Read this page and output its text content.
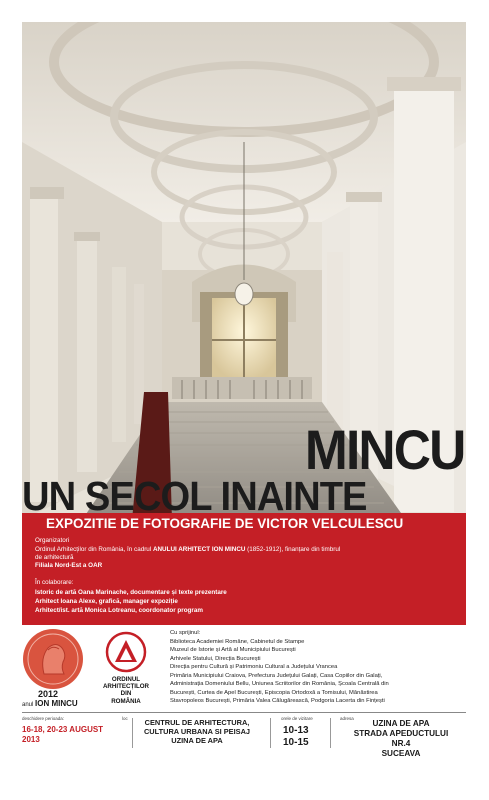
MINCU
EXPOZITIE DE FOTOGRAFIE DE VICTOR VELCULESCU
Organizatori
Ordinul Arhitecților din România, în cadrul ANULUI ARHITECT ION MINCU (1852-1912), finanțare din timbrul
de arhitectură
Filiala Nord-Est a OAR
În colaborare:
Istoric de artă Oana Marinache, documentare și texte prezentare
Arhitect Ioana Alexe, grafică, manager expoziție
Arhitect/ist. artă Monica Lotreanu, coordonator program
UN SECOL INAINTE
2012
anul ION MINCU
ORDINUL
ARHITECȚILOR
DIN
ROMÂNIA
Cu sprijinul:
Biblioteca Academiei Române, Cabinetul de Stampe
Muzeul de Istorie și Artă al Municipiului București
Arhivele Statului, Direcția București
Direcția pentru Cultură și Patrimoniu Cultural a Județului Vrancea
Primăria Municipiului Craiova, Prefectura Județului Galați, Casa Copiilor din Galați,
Administrația Domeniului Bellu, Uniunea Scriitorilor din România, Școala Centrală din
București, Curtea de Apel București, Episcopia Ortodoxă a Tomisului, Mănăstirea
Stavropoleos București, Primăria Valea Călugărească, Podgoria Lacerta din Fințești
deschidere perioada:
16-18, 20-23 AUGUST
2013
loc	CENTRUL DE ARHITECTURA,
CULTURA URBANA SI PEISAJ
UZINA DE APA
orele de vizitare
10-13
10-15
adresa
UZINA DE APA
STRADA APEDUCTULUI NR.4
SUCEAVA
